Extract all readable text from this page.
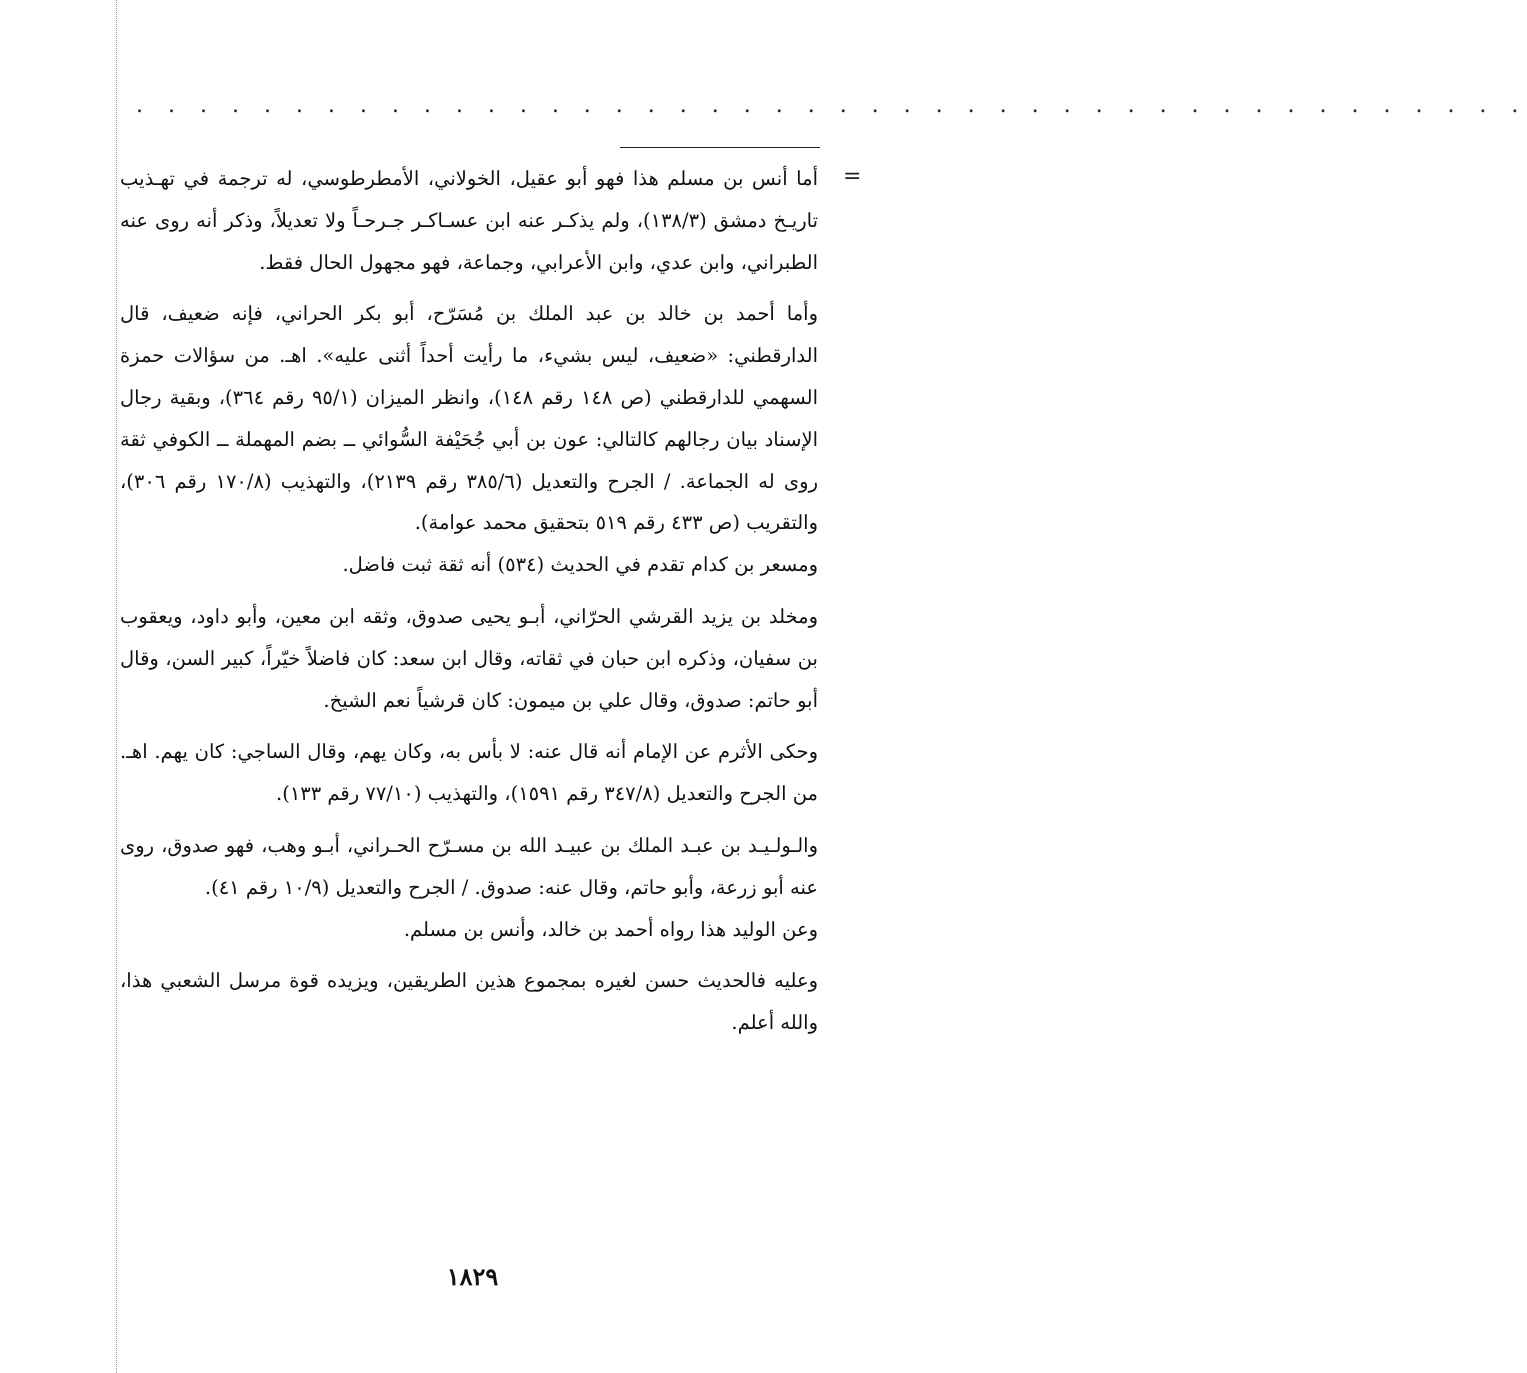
. . . . . . . . . . . . . . . . . . . . . . . . . . . . . . . . . . . . . . . . . . . .
=

أما أنس بن مسلم هذا فهو أبو عقيل، الخولاني، الأمطرطوسي، له ترجمة في تهـذيب تاريـخ دمشق (١٣٨/٣)، ولم يذكـر عنه ابن عسـاكـر جـرحـاً ولا تعديلاً، وذكر أنه روى عنه الطبراني، وابن عدي، وابن الأعرابي، وجماعة، فهو مجهول الحال فقط.

وأما أحمد بن خالد بن عبد الملك بن مُسَرّح، أبو بكر الحراني، فإنه ضعيف، قال الدارقطني: «ضعيف، ليس بشيء، ما رأيت أحداً أثنى عليه». اهـ. من سؤالات حمزة السهمي للدارقطني (ص ١٤٨ رقم ١٤٨)، وانظر الميزان (٩٥/١ رقم ٣٦٤)، وبقية رجال الإسناد بيان رجالهم كالتالي: عون بن أبي جُحَيْفة السُّوائي ــ بضم المهملة ــ الكوفي ثقة روى له الجماعة. / الجرح والتعديل (٣٨٥/٦ رقم ٢١٣٩)، والتهذيب (١٧٠/٨ رقم ٣٠٦)، والتقريب (ص ٤٣٣ رقم ٥١٩ بتحقيق محمد عوامة).

ومسعر بن كدام تقدم في الحديث (٥٣٤) أنه ثقة ثبت فاضل.

ومخلد بن يزيد القرشي الحرّاني، أبـو يحيى صدوق، وثقه ابن معين، وأبو داود، ويعقوب بن سفيان، وذكره ابن حبان في ثقاته، وقال ابن سعد: كان فاضلاً خيّراً، كبير السن، وقال أبو حاتم: صدوق، وقال علي بن ميمون: كان قرشياً نعم الشيخ.

وحكى الأثرم عن الإمام أنه قال عنه: لا بأس به، وكان يهم، وقال الساجي: كان يهم. اهـ. من الجرح والتعديل (٣٤٧/٨ رقم ١٥٩١)، والتهذيب (٧٧/١٠ رقم ١٣٣).

والـولـيـد بن عبـد الملك بن عبيـد الله بن مسـرّح الحـراني، أبـو وهب، فهو صدوق، روى عنه أبو زرعة، وأبو حاتم، وقال عنه: صدوق. / الجرح والتعديل (١٠/٩ رقم ٤١).

وعن الوليد هذا رواه أحمد بن خالد، وأنس بن مسلم.

وعليه فالحديث حسن لغيره بمجموع هذين الطريقين، ويزيده قوة مرسل الشعبي هذا، والله أعلم.

١٨٢٩
